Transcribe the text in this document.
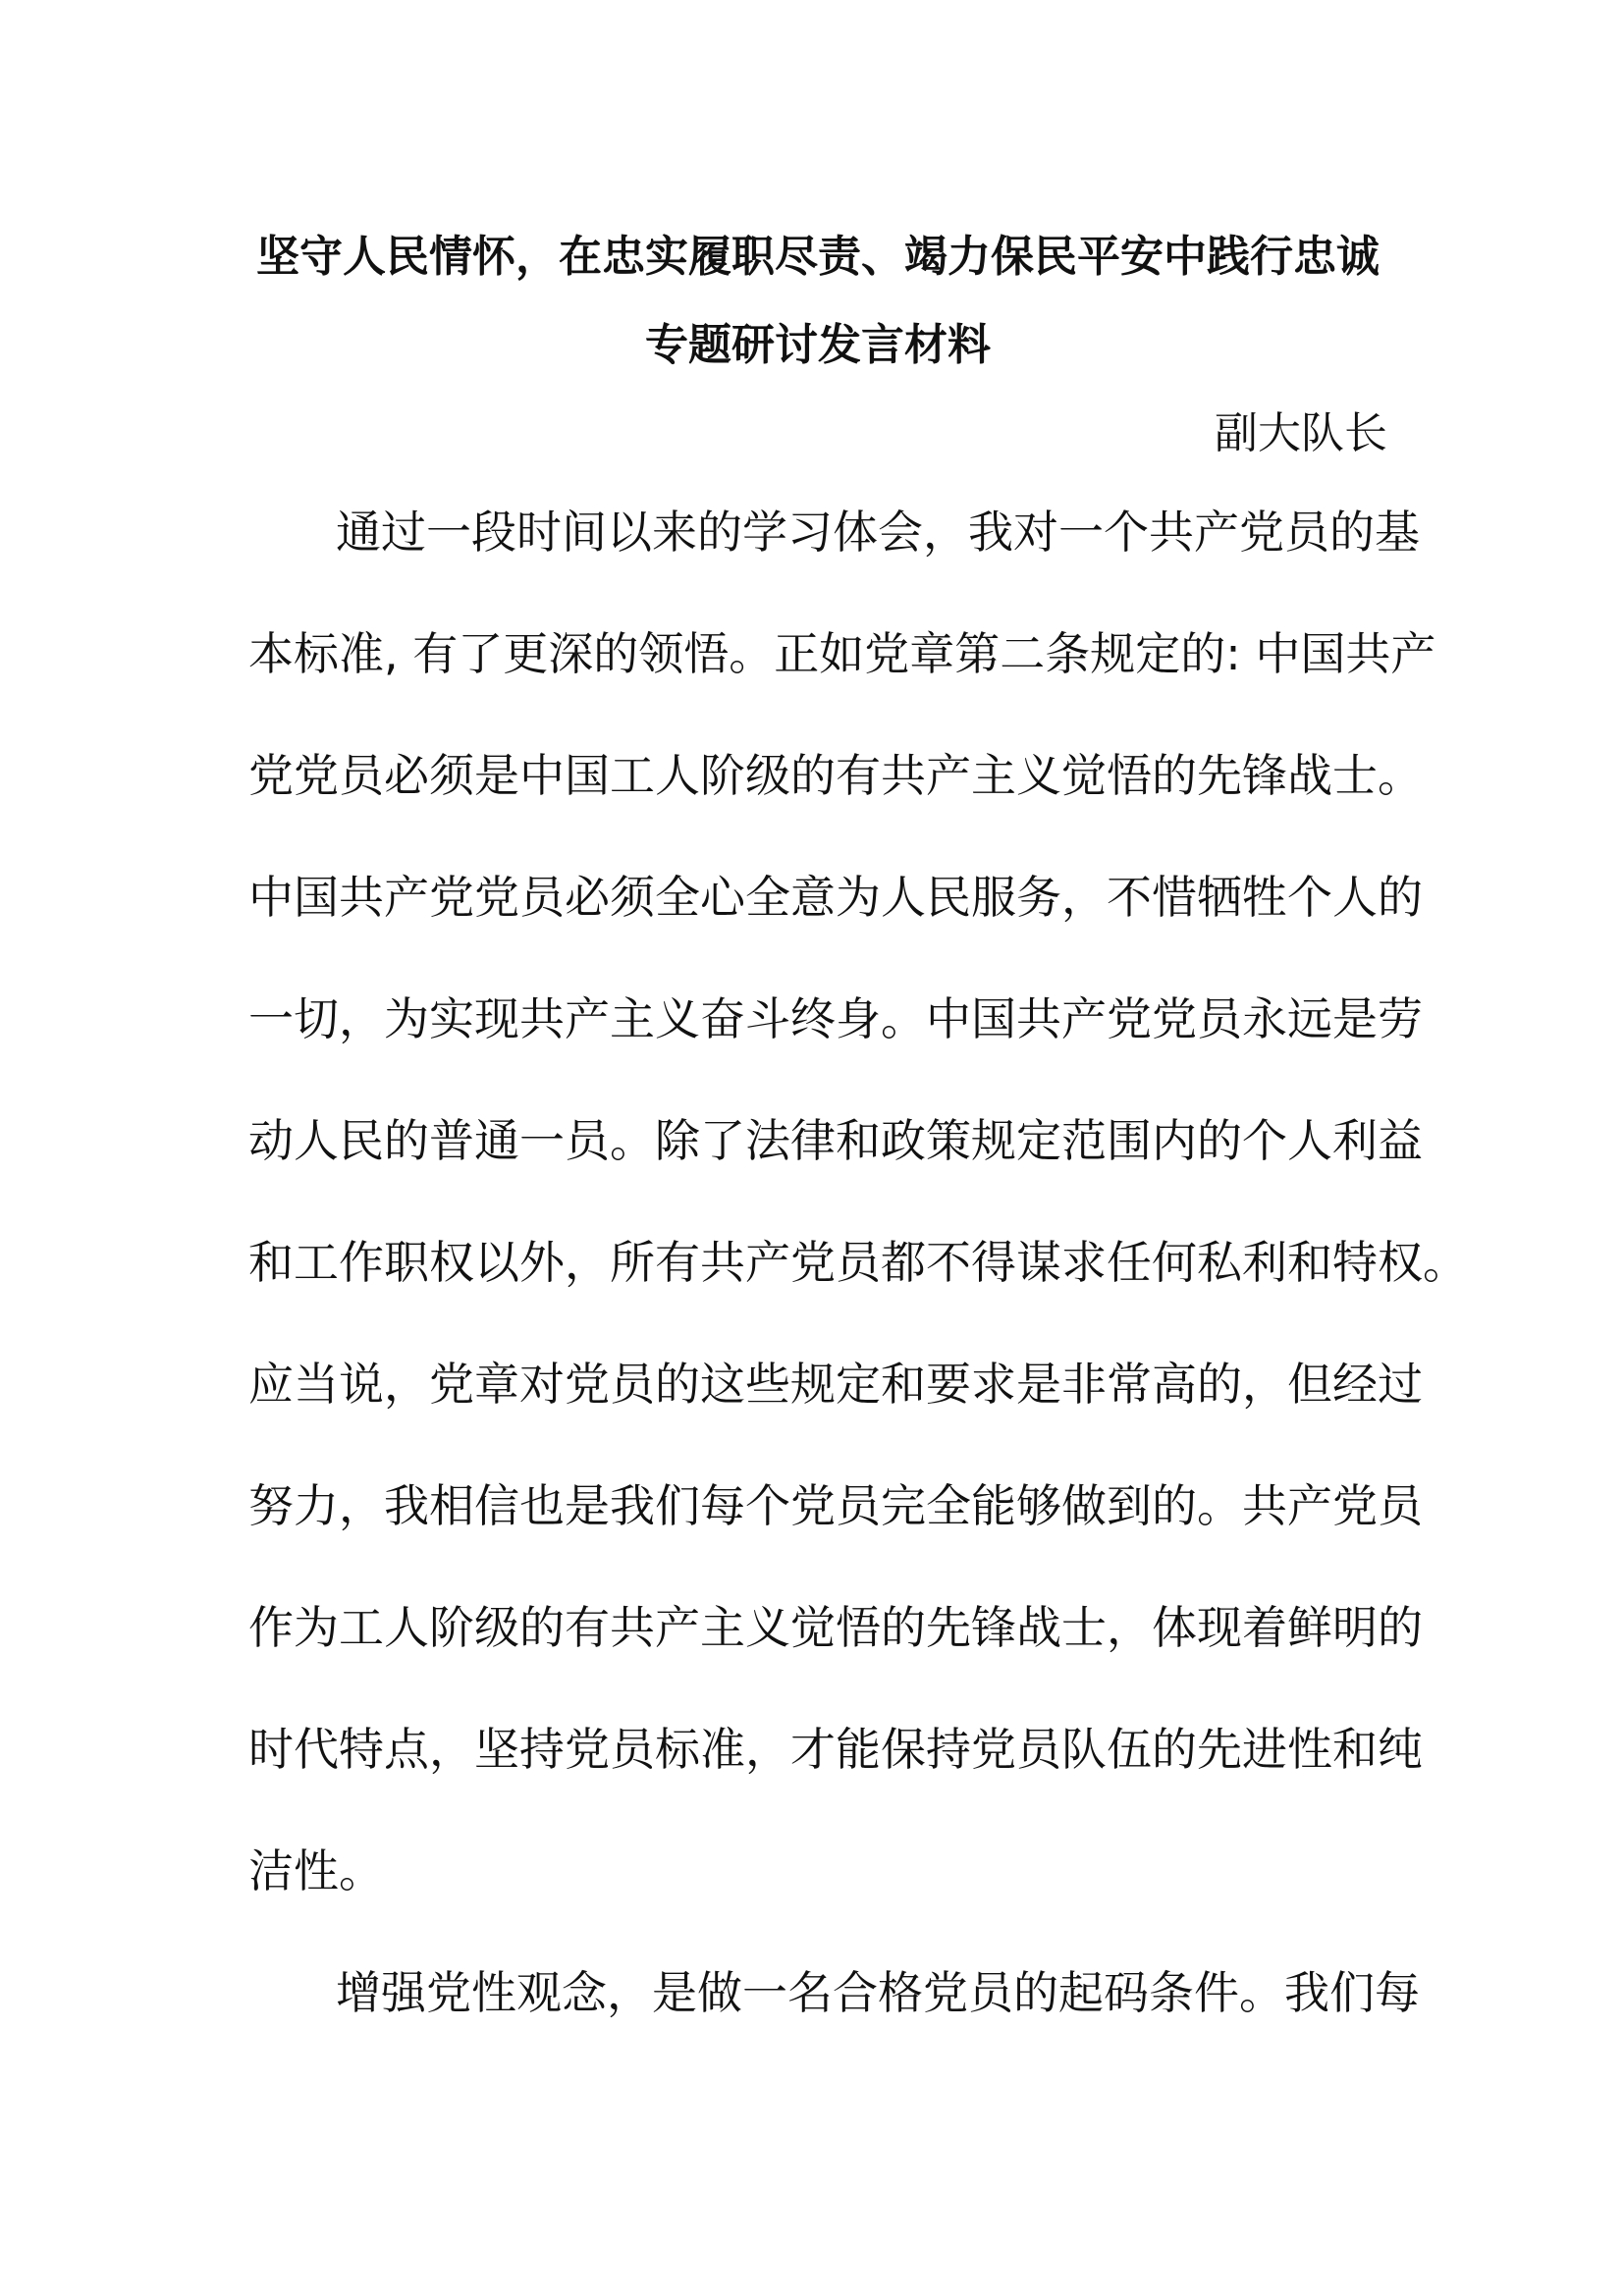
坚守人民情怀，在忠实履职尽责、竭力保民平安中践行忠诚
专题研讨发言材料
副大队长
通过一段时间以来的学习体会，我对一个共产党员的基
本标准, 有了更深的领悟。正如党章第二条规定的: 中国共产
党党员必须是中国工人阶级的有共产主义觉悟的先锋战士。
中国共产党党员必须全心全意为人民服务，不惜牺牲个人的
一切，为实现共产主义奋斗终身。中国共产党党员永远是劳
动人民的普通一员。除了法律和政策规定范围内的个人利益
和工作职权以外，所有共产党员都不得谋求任何私利和特权。
应当说，党章对党员的这些规定和要求是非常高的，但经过
努力，我相信也是我们每个党员完全能够做到的。共产党员
作为工人阶级的有共产主义觉悟的先锋战士，体现着鲜明的
时代特点，坚持党员标准，才能保持党员队伍的先进性和纯
洁性。
增强党性观念，是做一名合格党员的起码条件。我们每
